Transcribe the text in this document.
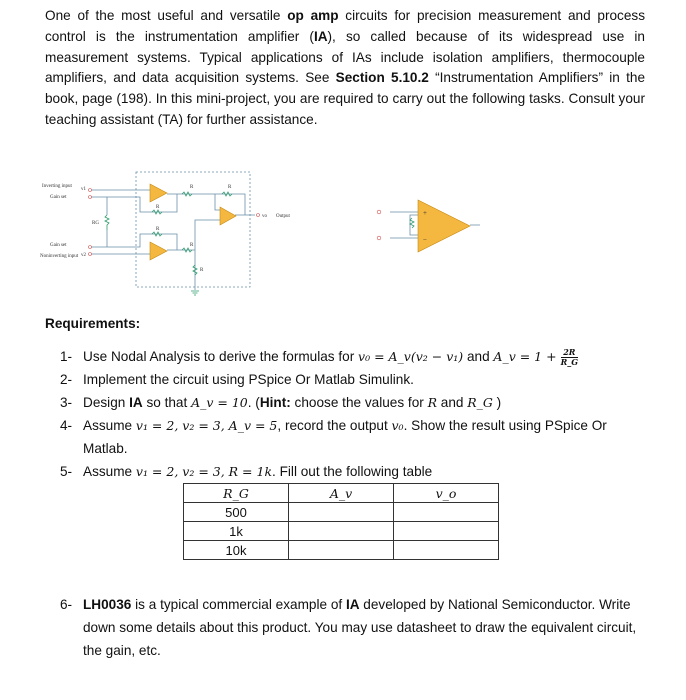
One of the most useful and versatile op amp circuits for precision measurement and process control is the instrumentation amplifier (IA), so called because of its widespread use in measurement systems. Typical applications of IAs include isolation amplifiers, thermocouple amplifiers, and data acquisition systems. See Section 5.10.2 “Instrumentation Amplifiers” in the book, page (198). In this mini-project, you are required to carry out the following tasks. Consult your teaching assistant (TA) for further assistance.
Inverting input
Gain set
RG
Gain set
Noninverting input
v1
v2
R	R
R
R
R
R
vo Output	+
−
Requirements:
1- Use Nodal Analysis to derive the formulas for v₀ = A_v(v₂ − v₁) and A_v = $1 + \frac{2R}{R\_G}$
2- Implement the circuit using PSpice Or Matlab Simulink.
3- Design IA so that A_v = 10. (Hint: choose the values for R and R_G )
4- Assume v₁ = 2, v₂ = 3, A_v = 5, record the output v₀. Show the result using PSpice Or Matlab.
5- Assume v₁ = 2, v₂ = 3, R = 1k. Fill out the following table
R_G	A_v	v_o
500		
1k		
10k		
6- LH0036 is a typical commercial example of IA developed by National Semiconductor. Write down some details about this product. You may use datasheet to draw the equivalent circuit, the gain, etc.
